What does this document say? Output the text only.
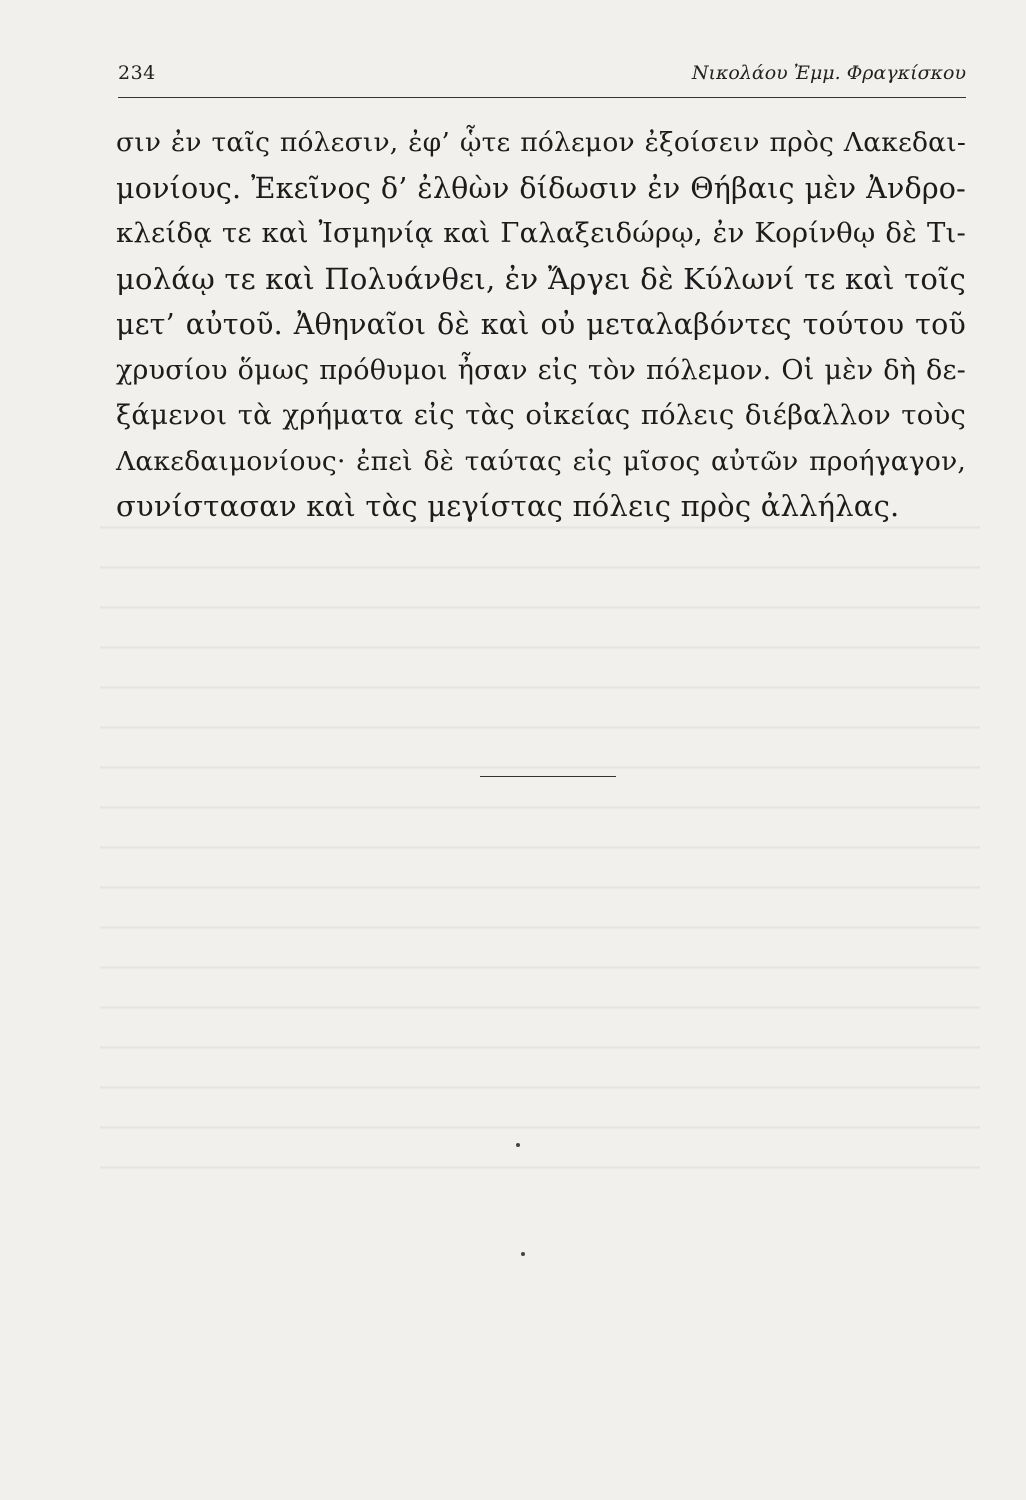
234	Νικολάου Ἐμμ. Φραγκίσκου
σιν ἐν ταῖς πόλεσιν, ἐφ’ ᾧτε πόλεμον ἐξοίσειν πρὸς Λακεδαι-
μονίους. Ἐκεῖνος δ’ ἐλθὼν δίδωσιν ἐν Θήβαις μὲν Ἀνδρο-
κλείδᾳ τε καὶ Ἰσμηνίᾳ καὶ Γαλαξειδώρῳ, ἐν Κορίνθῳ δὲ Τι-
μολάῳ τε καὶ Πολυάνθει, ἐν Ἄργει δὲ Κύλωνί τε καὶ τοῖς
μετ’ αὐτοῦ. Ἀθηναῖοι δὲ καὶ οὐ μεταλαβόντες τούτου τοῦ
χρυσίου ὅμως πρόθυμοι ἦσαν εἰς τὸν πόλεμον. Οἱ μὲν δὴ δε-
ξάμενοι τὰ χρήματα εἰς τὰς οἰκείας πόλεις διέβαλλον τοὺς
Λακεδαιμονίους· ἐπεὶ δὲ ταύτας εἰς μῖσος αὐτῶν προήγαγον,
συνίστασαν καὶ τὰς μεγίστας πόλεις πρὸς ἀλλήλας.
